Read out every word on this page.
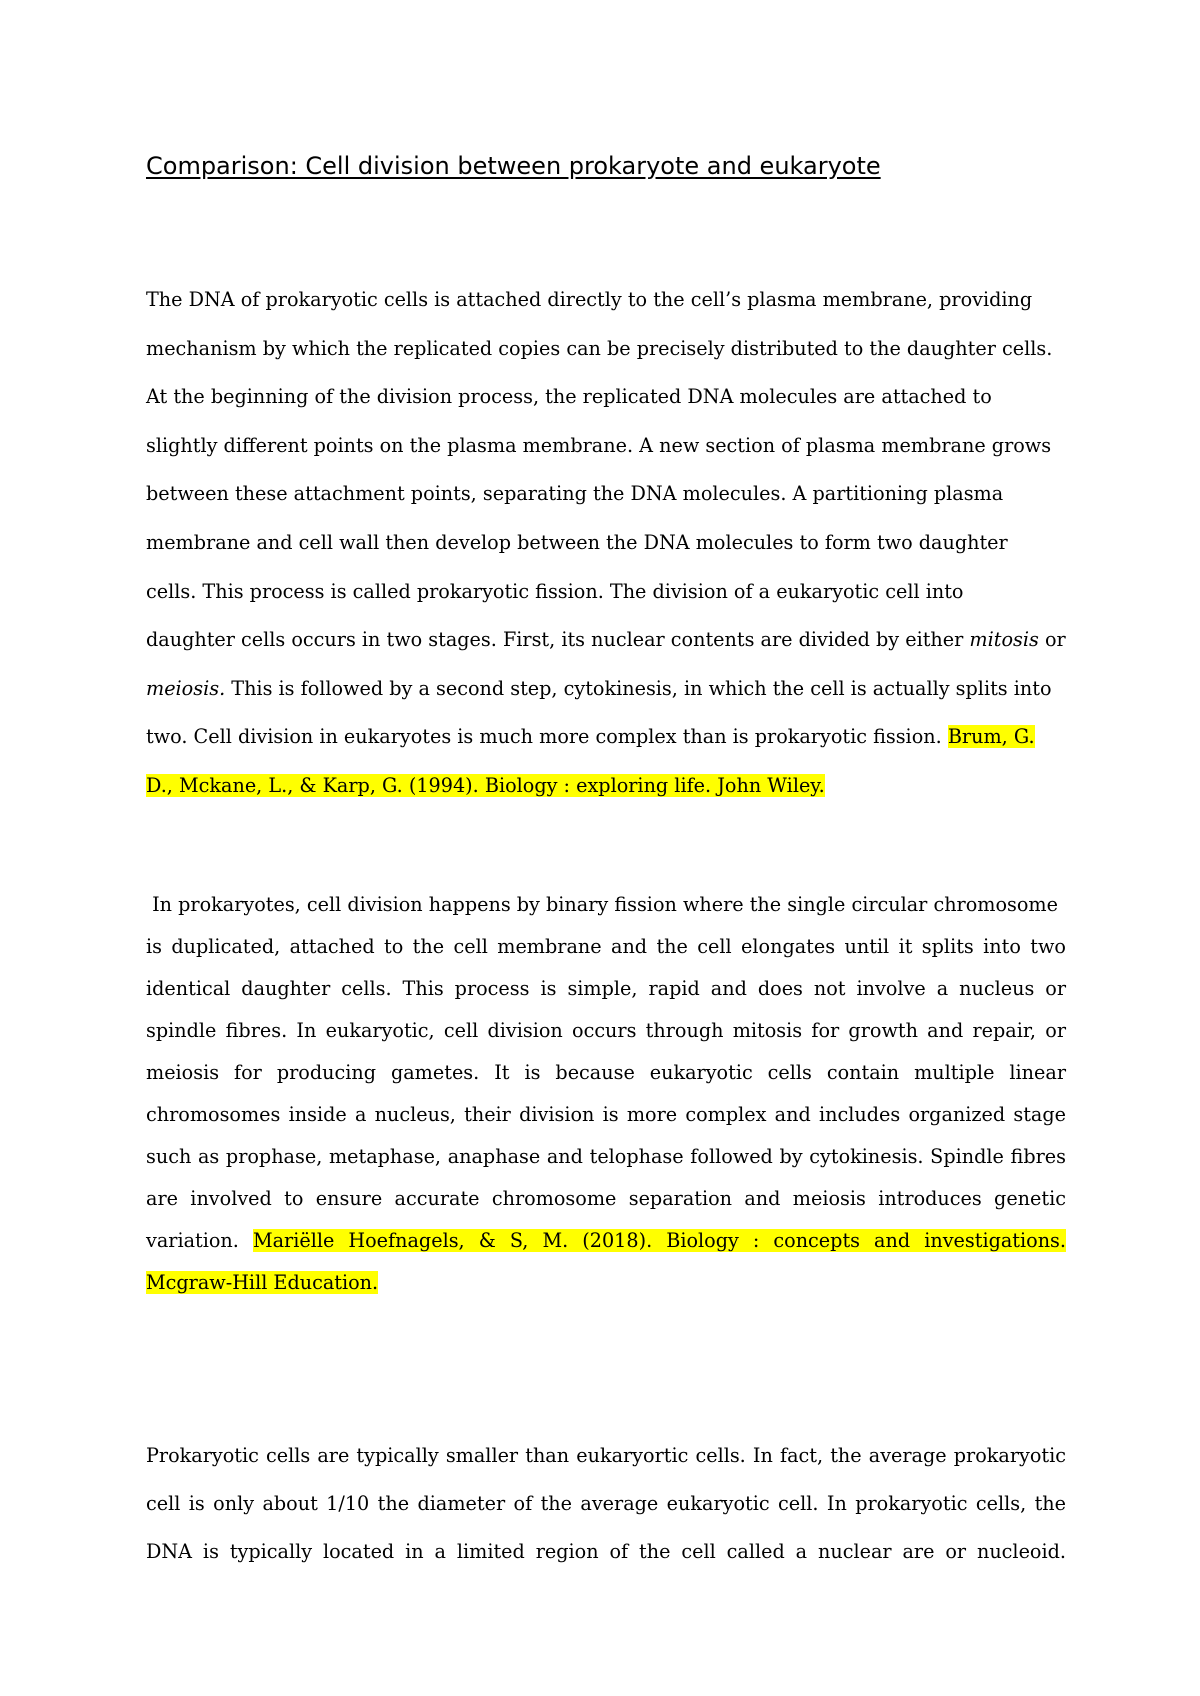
Comparison: Cell division between prokaryote and eukaryote
The DNA of prokaryotic cells is attached directly to the cell’s plasma membrane, providing
mechanism by which the replicated copies can be precisely distributed to the daughter cells.
At the beginning of the division process, the replicated DNA molecules are attached to
slightly different points on the plasma membrane. A new section of plasma membrane grows
between these attachment points, separating the DNA molecules. A partitioning plasma
membrane and cell wall then develop between the DNA molecules to form two daughter
cells. This process is called prokaryotic fission. The division of a eukaryotic cell into
daughter cells occurs in two stages. First, its nuclear contents are divided by either mitosis or
meiosis. This is followed by a second step, cytokinesis, in which the cell is actually splits into
two. Cell division in eukaryotes is much more complex than is prokaryotic fission. Brum, G.
D., Mckane, L., & Karp, G. (1994). Biology : exploring life. John Wiley.
In prokaryotes, cell division happens by binary fission where the single circular chromosome
is duplicated, attached to the cell membrane and the cell elongates until it splits into two
identical daughter cells. This process is simple, rapid and does not involve a nucleus or
spindle fibres. In eukaryotic, cell division occurs through mitosis for growth and repair, or
meiosis for producing gametes. It is because eukaryotic cells contain multiple linear
chromosomes inside a nucleus, their division is more complex and includes organized stage
such as prophase, metaphase, anaphase and telophase followed by cytokinesis. Spindle fibres
are involved to ensure accurate chromosome separation and meiosis introduces genetic
variation. Mariëlle Hoefnagels, & S, M. (2018). Biology : concepts and investigations.
Mcgraw-Hill Education.
Prokaryotic cells are typically smaller than eukaryortic cells. In fact, the average prokaryotic
cell is only about 1/10 the diameter of the average eukaryotic cell. In prokaryotic cells, the
DNA is typically located in a limited region of the cell called a nuclear are or nucleoid.
